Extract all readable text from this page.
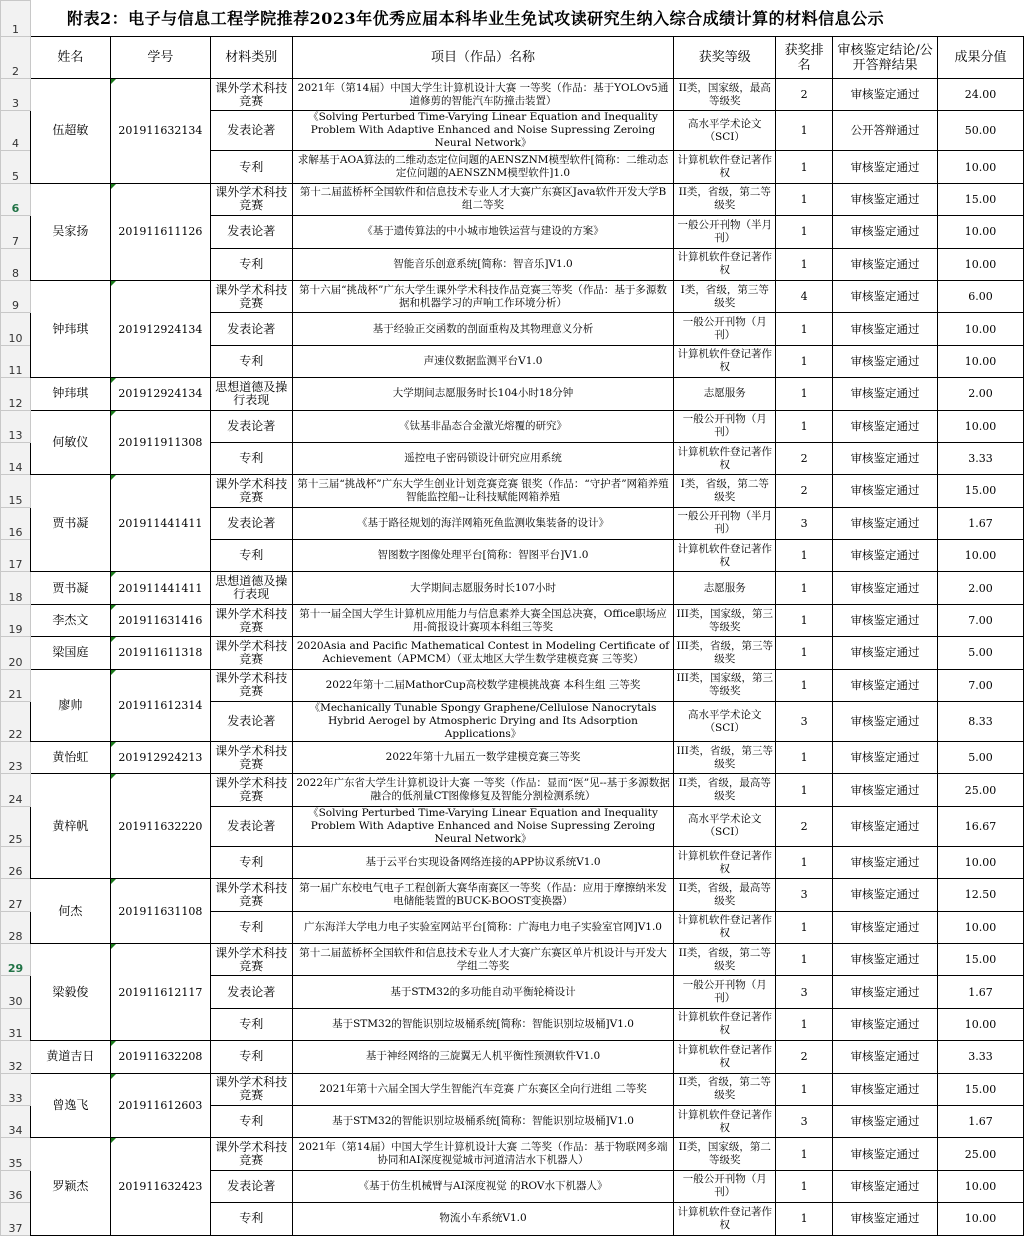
1	附表2：电子与信息工程学院推荐2023年优秀应届本科毕业生免试攻读研究生纳入综合成绩计算的材料信息公示							
2	姓名	学号	材料类别	项目（作品）名称	获奖等级	获奖排名	审核鉴定结论/公开答辩结果	成果分值
3	伍超敏	201911632134	课外学术科技竞赛	2021年（第14届）中国大学生计算机设计大赛 一等奖（作品：基于YOLOv5通道修剪的智能汽车防撞击装置）	II类，国家级，最高等级奖	2	审核鉴定通过	24.00
4			发表论著	《Solving Perturbed Time-Varying Linear Equation and Inequality Problem With Adaptive Enhanced and Noise Supressing Zeroing Neural Network》	高水平学术论文（SCI）	1	公开答辩通过	50.00
5			专利	求解基于AOA算法的二维动态定位问题的AENSZNM模型软件[简称：二维动态定位问题的AENSZNM模型软件]1.0	计算机软件登记著作权	1	审核鉴定通过	10.00
6	吴家扬	201911611126	课外学术科技竞赛	第十二届蓝桥杯全国软件和信息技术专业人才大赛广东赛区Java软件开发大学B组二等奖	II类，省级，第二等级奖	1	审核鉴定通过	15.00
7			发表论著	《基于遗传算法的中小城市地铁运营与建设的方案》	一般公开刊物（半月刊）	1	审核鉴定通过	10.00
8			专利	智能音乐创意系统[简称：智音乐]V1.0	计算机软件登记著作权	1	审核鉴定通过	10.00
9	钟玮琪	201912924134	课外学术科技竞赛	第十六届“挑战杯”广东大学生课外学术科技作品竞赛三等奖（作品：基于多源数据和机器学习的声响工作环境分析）	I类，省级，第三等级奖	4	审核鉴定通过	6.00
10			发表论著	基于经验正交函数的剖面重构及其物理意义分析	一般公开刊物（月刊）	1	审核鉴定通过	10.00
11			专利	声速仪数据监测平台V1.0	计算机软件登记著作权	1	审核鉴定通过	10.00
12	钟玮琪	201912924134	思想道德及操行表现	大学期间志愿服务时长104小时18分钟	志愿服务	1	审核鉴定通过	2.00
13	何敏仪	201911911308	发表论著	《钛基非晶态合金激光熔覆的研究》	一般公开刊物（月刊）	1	审核鉴定通过	10.00
14			专利	遥控电子密码锁设计研究应用系统	计算机软件登记著作权	2	审核鉴定通过	3.33
15	贾书凝	201911441411	课外学术科技竞赛	第十三届“挑战杯”广东大学生创业计划竞赛竞赛 银奖（作品：“守护者”网箱养殖智能监控船--让科技赋能网箱养殖	I类，省级，第二等级奖	2	审核鉴定通过	15.00
16			发表论著	《基于路径规划的海洋网箱死鱼监测收集装备的设计》	一般公开刊物（半月刊）	3	审核鉴定通过	1.67
17			专利	智图数字图像处理平台[简称：智图平台]V1.0	计算机软件登记著作权	1	审核鉴定通过	10.00
18	贾书凝	201911441411	思想道德及操行表现	大学期间志愿服务时长107小时	志愿服务	1	审核鉴定通过	2.00
19	李杰文	201911631416	课外学术科技竞赛	第十一届全国大学生计算机应用能力与信息素养大赛全国总决赛，Office职场应用-简报设计赛项本科组三等奖	III类，国家级，第三等级奖	1	审核鉴定通过	7.00
20	梁国庭	201911611318	课外学术科技竞赛	2020Asia and Pacific Mathematical Contest in Modeling Certificate of Achievement（APMCM）（亚太地区大学生数学建模竞赛 三等奖）	III类，省级，第三等级奖	1	审核鉴定通过	5.00
21	廖帅	201911612314	课外学术科技竞赛	2022年第十二届MathorCup高校数学建模挑战赛 本科生组 三等奖	III类，国家级，第三等级奖	1	审核鉴定通过	7.00
22			发表论著	《Mechanically Tunable Spongy Graphene/Cellulose Nanocrytals Hybrid Aerogel by Atmospheric Drying and Its Adsorption Applications》	高水平学术论文（SCI）	3	审核鉴定通过	8.33
23	黄怡虹	201912924213	课外学术科技竞赛	2022年第十九届五一数学建模竞赛三等奖	III类，省级，第三等级奖	1	审核鉴定通过	5.00
24	黄梓帆	201911632220	课外学术科技竞赛	2022年广东省大学生计算机设计大赛 一等奖（作品：显而“医”见--基于多源数据融合的低剂量CT图像修复及智能分割检测系统）	II类，省级，最高等级奖	1	审核鉴定通过	25.00
25			发表论著	《Solving Perturbed Time-Varying Linear Equation and Inequality Problem With Adaptive Enhanced and Noise Supressing Zeroing Neural Network》	高水平学术论文（SCI）	2	审核鉴定通过	16.67
26			专利	基于云平台实现设备网络连接的APP协议系统V1.0	计算机软件登记著作权	1	审核鉴定通过	10.00
27	何杰	201911631108	课外学术科技竞赛	第一届广东校电气电子工程创新大赛华南赛区一等奖（作品：应用于摩擦纳米发电储能装置的BUCK-BOOST变换器）	II类，省级，最高等级奖	3	审核鉴定通过	12.50
28			专利	广东海洋大学电力电子实验室网站平台[简称：广海电力电子实验室官网]V1.0	计算机软件登记著作权	1	审核鉴定通过	10.00
29	梁毅俊	201911612117	课外学术科技竞赛	第十二届蓝桥杯全国软件和信息技术专业人才大赛广东赛区单片机设计与开发大学组二等奖	II类，省级，第二等级奖	1	审核鉴定通过	15.00
30			发表论著	基于STM32的多功能自动平衡轮椅设计	一般公开刊物（月刊）	3	审核鉴定通过	1.67
31			专利	基于STM32的智能识别垃圾桶系统[简称：智能识别垃圾桶]V1.0	计算机软件登记著作权	1	审核鉴定通过	10.00
32	黄道吉日	201911632208	专利	基于神经网络的三旋翼无人机平衡性预测软件V1.0	计算机软件登记著作权	2	审核鉴定通过	3.33
33	曾逸飞	201911612603	课外学术科技竞赛	2021年第十六届全国大学生智能汽车竞赛 广东赛区全向行进组 二等奖	II类，省级，第二等级奖	1	审核鉴定通过	15.00
34			专利	基于STM32的智能识别垃圾桶系统[简称：智能识别垃圾桶]V1.0	计算机软件登记著作权	3	审核鉴定通过	1.67
35	罗颖杰	201911632423	课外学术科技竞赛	2021年（第14届）中国大学生计算机设计大赛 二等奖（作品：基于物联网多端协同和AI深度视觉城市河道清洁水下机器人）	II类，国家级，第二等级奖	1	审核鉴定通过	25.00
36			发表论著	《基于仿生机械臂与AI深度视觉 的ROV水下机器人》	一般公开刊物（月刊）	1	审核鉴定通过	10.00
37			专利	物流小车系统V1.0	计算机软件登记著作权	1	审核鉴定通过	10.00
